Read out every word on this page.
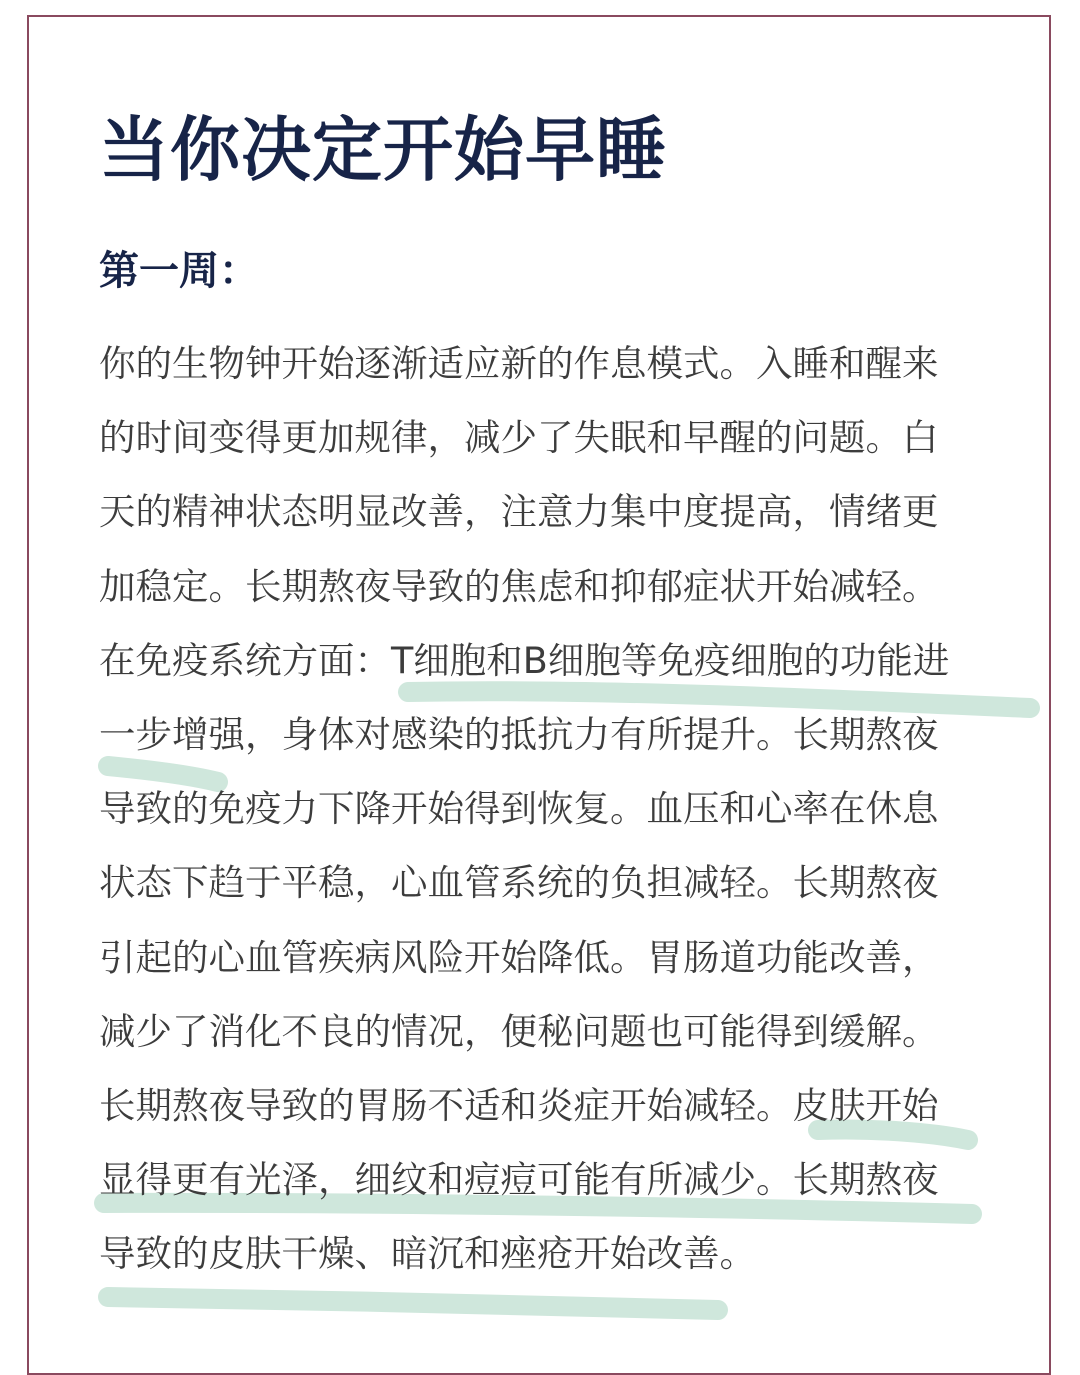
当你决定开始早睡
第一周：
你的生物钟开始逐渐适应新的作息模式。入睡和醒来
的时间变得更加规律，减少了失眠和早醒的问题。白
天的精神状态明显改善，注意力集中度提高，情绪更
加稳定。长期熬夜导致的焦虑和抑郁症状开始减轻。
在免疫系统方面：T细胞和B细胞等免疫细胞的功能进
一步增强，身体对感染的抵抗力有所提升。长期熬夜
导致的免疫力下降开始得到恢复。血压和心率在休息
状态下趋于平稳，心血管系统的负担减轻。长期熬夜
引起的心血管疾病风险开始降低。胃肠道功能改善，
减少了消化不良的情况，便秘问题也可能得到缓解。
长期熬夜导致的胃肠不适和炎症开始减轻。皮肤开始
显得更有光泽，细纹和痘痘可能有所减少。长期熬夜
导致的皮肤干燥、暗沉和痤疮开始改善。
